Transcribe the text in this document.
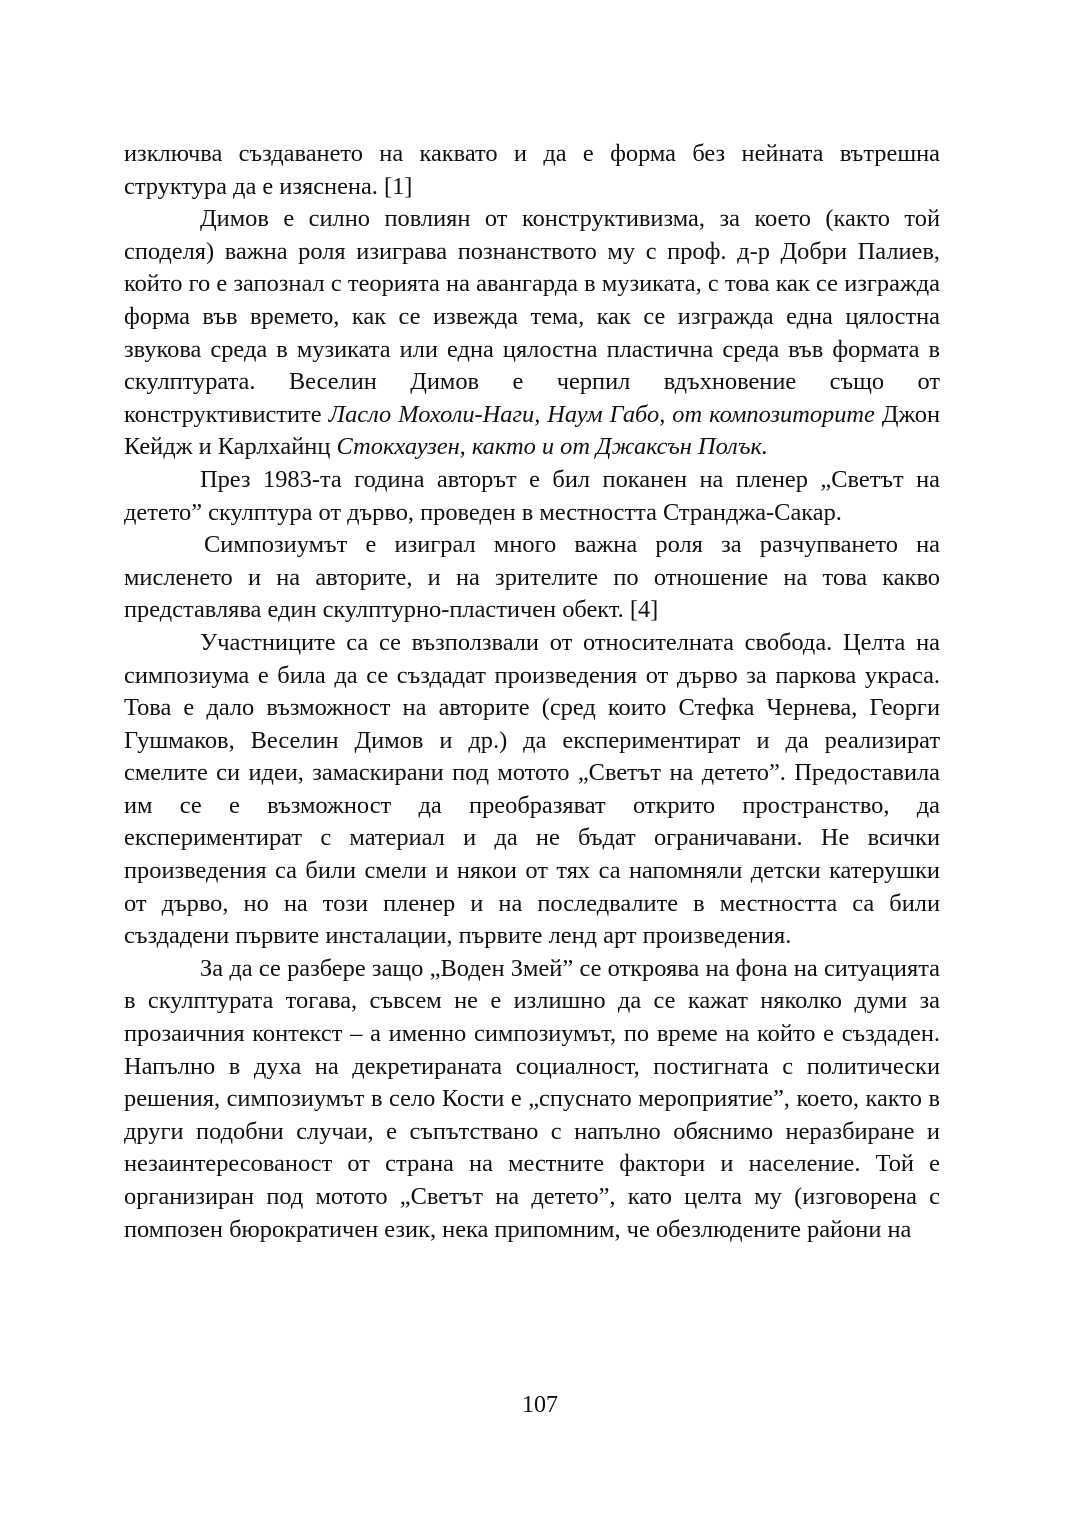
изключва създаването на каквато и да е форма без нейната вътрешна структура да е изяснена. [1]

Димов е силно повлиян от конструктивизма, за което (както той споделя) важна роля изиграва познанството му с проф. д-р Добри Палиев, който го е запознал с теорията на авангарда в музиката, с това как се изгражда форма във времето, как се извежда тема, как се изгражда една цялостна звукова среда в музиката или една цялостна пластична среда във формата в скулптурата. Веселин Димов е черпил вдъхновение също от конструктивистите Ласло Мохоли-Наги, Наум Габо, от композиторите Джон Кейдж и Карлхайнц Стокхаузен, както и от Джаксън Полък.

През 1983-та година авторът е бил поканен на пленер „Светът на детето” скулптура от дърво, проведен в местността Странджа-Сакар.

Симпозиумът е изиграл много важна роля за разчупването на мисленето и на авторите, и на зрителите по отношение на това какво представлява един скулптурно-пластичен обект. [4]

Участниците са се възползвали от относителната свобода. Целта на симпозиума е била да се създадат произведения от дърво за паркова украса. Това е дало възможност на авторите (сред които Стефка Чернева, Георги Гушмаков, Веселин Димов и др.) да експериментират и да реализират смелите си идеи, замаскирани под мотото „Светът на детето”. Предоставила им се е възможност да преобразяват открито пространство, да експериментират с материал и да не бъдат ограничавани. Не всички произведения са били смели и някои от тях са напомняли детски катерушки от дърво, но на този пленер и на последвалите в местността са били създадени първите инсталации, първите ленд арт произведения.

За да се разбере защо „Воден Змей” се откроява на фона на ситуацията в скулптурата тогава, съвсем не е излишно да се кажат няколко думи за прозаичния контекст – а именно симпозиумът, по време на който е създаден. Напълно в духа на декретираната социалност, постигната с политически решения, симпозиумът в село Кости е „спуснато мероприятие”, което, както в други подобни случаи, е съпътствано с напълно обяснимо неразбиране и незаинтересованост от страна на местните фактори и население. Той е организиран под мотото „Светът на детето”, като целта му (изговорена с помпозен бюрократичен език, нека припомним, че обезлюдените райони на

107
